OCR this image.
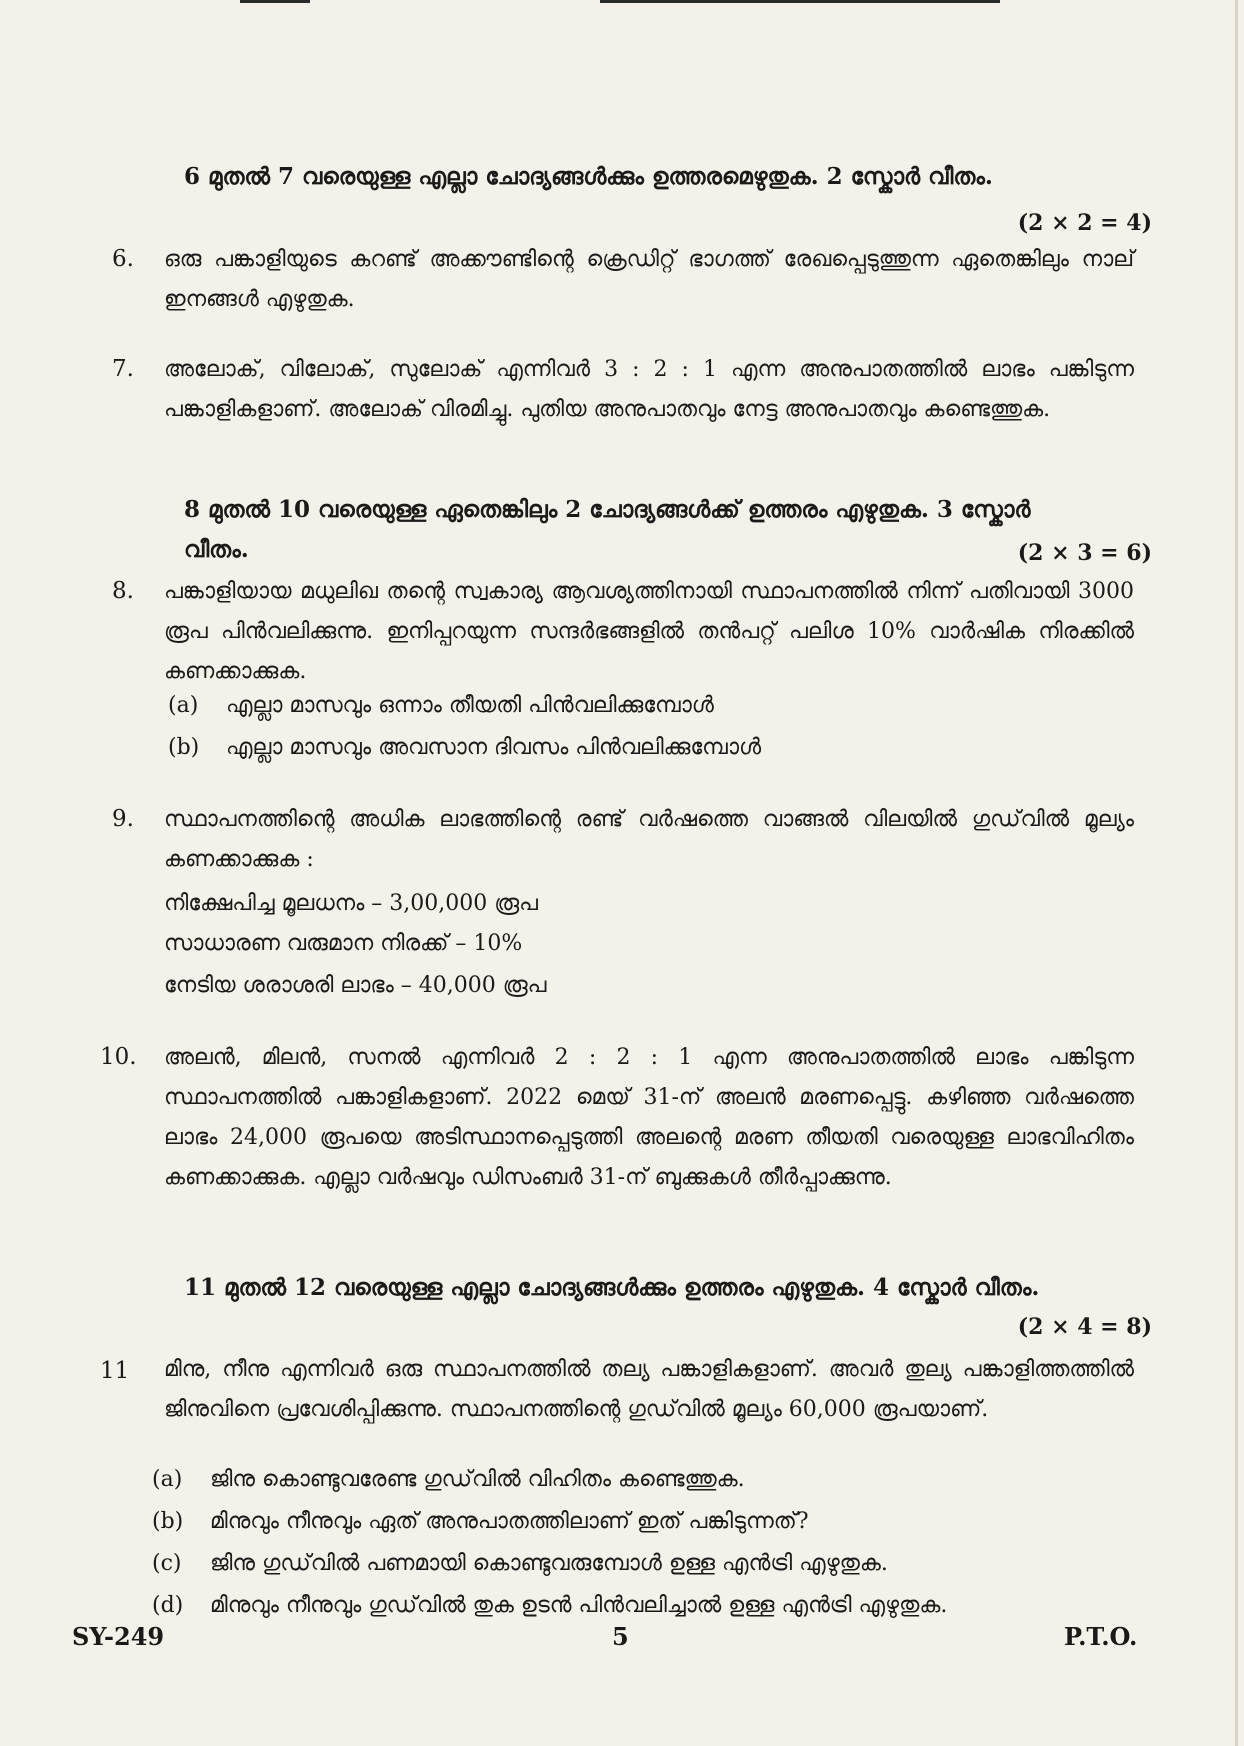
6 മുതൽ 7 വരെയുള്ള എല്ലാ ചോദ്യങ്ങൾക്കും ഉത്തരമെഴുതുക. 2 സ്കോർ വീതം.
(2 × 2 = 4)
6. ഒരു പങ്കാളിയുടെ കറണ്ട് അക്കൗണ്ടിന്റെ ക്രെഡിറ്റ് ഭാഗത്ത് രേഖപ്പെടുത്തുന്ന ഏതെങ്കിലും നാല് ഇനങ്ങൾ എഴുതുക.
7. അലോക്, വിലോക്, സുലോക് എന്നിവർ 3 : 2 : 1 എന്ന അനുപാതത്തിൽ ലാഭം പങ്കിടുന്ന പങ്കാളികളാണ്. അലോക് വിരമിച്ചു. പുതിയ അനുപാതവും നേട്ട അനുപാതവും കണ്ടെത്തുക.
8 മുതൽ 10 വരെയുള്ള ഏതെങ്കിലും 2 ചോദ്യങ്ങൾക്ക് ഉത്തരം എഴുതുക. 3 സ്കോർ വീതം.	(2 × 3 = 6)
8. പങ്കാളിയായ മധുലിഖ തന്റെ സ്വകാര്യ ആവശ്യത്തിനായി സ്ഥാപനത്തിൽ നിന്ന് പതിവായി 3000 രൂപ പിൻവലിക്കുന്നു. ഇനിപ്പറയുന്ന സന്ദർഭങ്ങളിൽ തൻപറ്റ് പലിശ 10% വാർഷിക നിരക്കിൽ കണക്കാക്കുക.
(a) എല്ലാ മാസവും ഒന്നാം തീയതി പിൻവലിക്കുമ്പോൾ
(b) എല്ലാ മാസവും അവസാന ദിവസം പിൻവലിക്കുമ്പോൾ
9. സ്ഥാപനത്തിന്റെ അധിക ലാഭത്തിന്റെ രണ്ട് വർഷത്തെ വാങ്ങൽ വിലയിൽ ഗുഡ്‌വിൽ മൂല്യം കണക്കാക്കുക :
നിക്ഷേപിച്ച മൂലധനം – 3,00,000 രൂപ
സാധാരണ വരുമാന നിരക്ക് – 10%
നേടിയ ശരാശരി ലാഭം – 40,000 രൂപ
10. അലൻ, മിലൻ, സനൽ എന്നിവർ 2 : 2 : 1 എന്ന അനുപാതത്തിൽ ലാഭം പങ്കിടുന്ന സ്ഥാപനത്തിൽ പങ്കാളികളാണ്. 2022 മെയ് 31-ന് അലൻ മരണപ്പെട്ടു. കഴിഞ്ഞ വർഷത്തെ ലാഭം 24,000 രൂപയെ അടിസ്ഥാനപ്പെടുത്തി അലന്റെ മരണ തീയതി വരെയുള്ള ലാഭവിഹിതം കണക്കാക്കുക. എല്ലാ വർഷവും ഡിസംബർ 31-ന് ബുക്കുകൾ തീർപ്പാക്കുന്നു.
11 മുതൽ 12 വരെയുള്ള എല്ലാ ചോദ്യങ്ങൾക്കും ഉത്തരം എഴുതുക. 4 സ്കോർ വീതം.
(2 × 4 = 8)
11 മിനു, നീനു എന്നിവർ ഒരു സ്ഥാപനത്തിൽ തല്യ പങ്കാളികളാണ്. അവർ തുല്യ പങ്കാളിത്തത്തിൽ ജിനുവിനെ പ്രവേശിപ്പിക്കുന്നു. സ്ഥാപനത്തിന്റെ ഗുഡ്‌വിൽ മൂല്യം 60,000 രൂപയാണ്.
(a) ജിനു കൊണ്ടുവരേണ്ട ഗുഡ്‌വിൽ വിഹിതം കണ്ടെത്തുക.
(b) മിനുവും നീനുവും ഏത് അനുപാതത്തിലാണ് ഇത് പങ്കിടുന്നത്?
(c) ജിനു ഗുഡ്‌വിൽ പണമായി കൊണ്ടുവരുമ്പോൾ ഉള്ള എൻട്രി എഴുതുക.
(d) മിനുവും നീനുവും ഗുഡ്‌വിൽ തുക ഉടൻ പിൻവലിച്ചാൽ ഉള്ള എൻട്രി എഴുതുക.
SY-249	5	P.T.O.
